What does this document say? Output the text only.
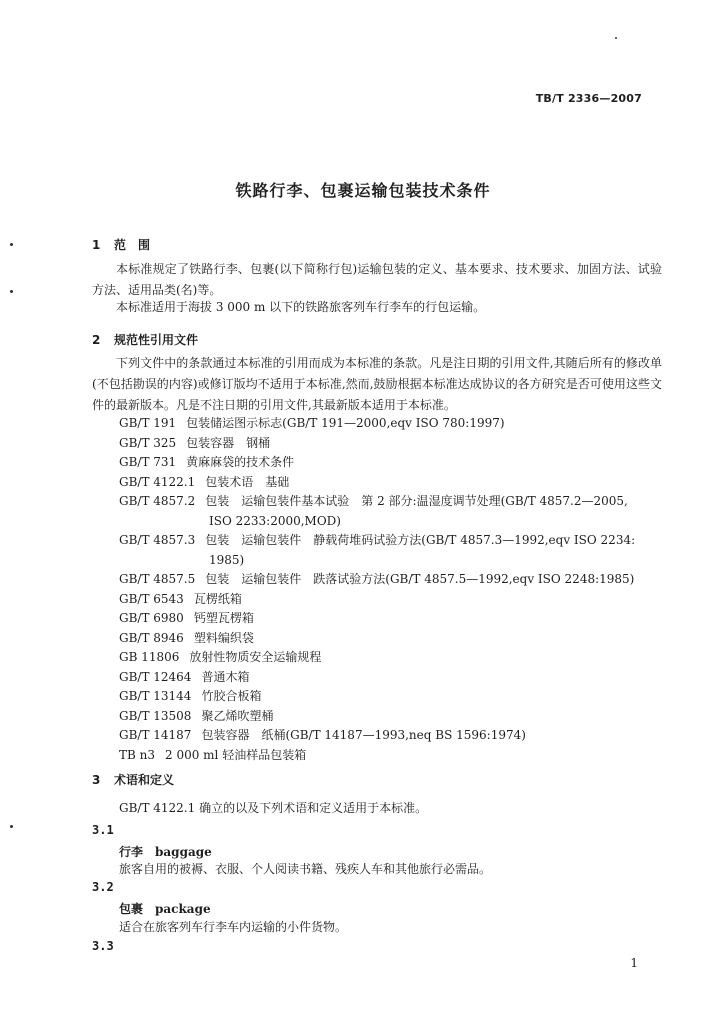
TB/T 2336—2007
铁路行李、包裹运输包装技术条件
1 范　围
本标准规定了铁路行李、包裹(以下简称行包)运输包装的定义、基本要求、技术要求、加固方法、试验方法、适用品类(名)等。
本标准适用于海拔 3 000 m 以下的铁路旅客列车行李车的行包运输。
2 规范性引用文件
下列文件中的条款通过本标准的引用而成为本标准的条款。凡是注日期的引用文件,其随后所有的修改单(不包括勘误的内容)或修订版均不适用于本标准,然而,鼓励根据本标准达成协议的各方研究是否可使用这些文件的最新版本。凡是不注日期的引用文件,其最新版本适用于本标准。
GB/T 191 包装储运图示标志(GB/T 191—2000,eqv ISO 780:1997)
GB/T 325 包装容器　钢桶
GB/T 731 黄麻麻袋的技术条件
GB/T 4122.1 包装术语　基础
GB/T 4857.2 包装　运输包装件基本试验　第 2 部分:温湿度调节处理(GB/T 4857.2—2005,
ISO 2233:2000,MOD)
GB/T 4857.3 包装　运输包装件　静载荷堆码试验方法(GB/T 4857.3—1992,eqv ISO 2234:
1985)
GB/T 4857.5 包装　运输包装件　跌落试验方法(GB/T 4857.5—1992,eqv ISO 2248:1985)
GB/T 6543 瓦楞纸箱
GB/T 6980 钙塑瓦楞箱
GB/T 8946 塑料编织袋
GB 11806 放射性物质安全运输规程
GB/T 12464 普通木箱
GB/T 13144 竹胶合板箱
GB/T 13508 聚乙烯吹塑桶
GB/T 14187 包装容器　纸桶(GB/T 14187—1993,neq BS 1596:1974)
TB n3 2 000 ml 轻油样品包装箱
3 术语和定义
GB/T 4122.1 确立的以及下列术语和定义适用于本标准。
3.1
行李 baggage
旅客自用的被褥、衣服、个人阅读书籍、残疾人车和其他旅行必需品。
3.2
包裹 package
适合在旅客列车行李车内运输的小件货物。
3.3
1
